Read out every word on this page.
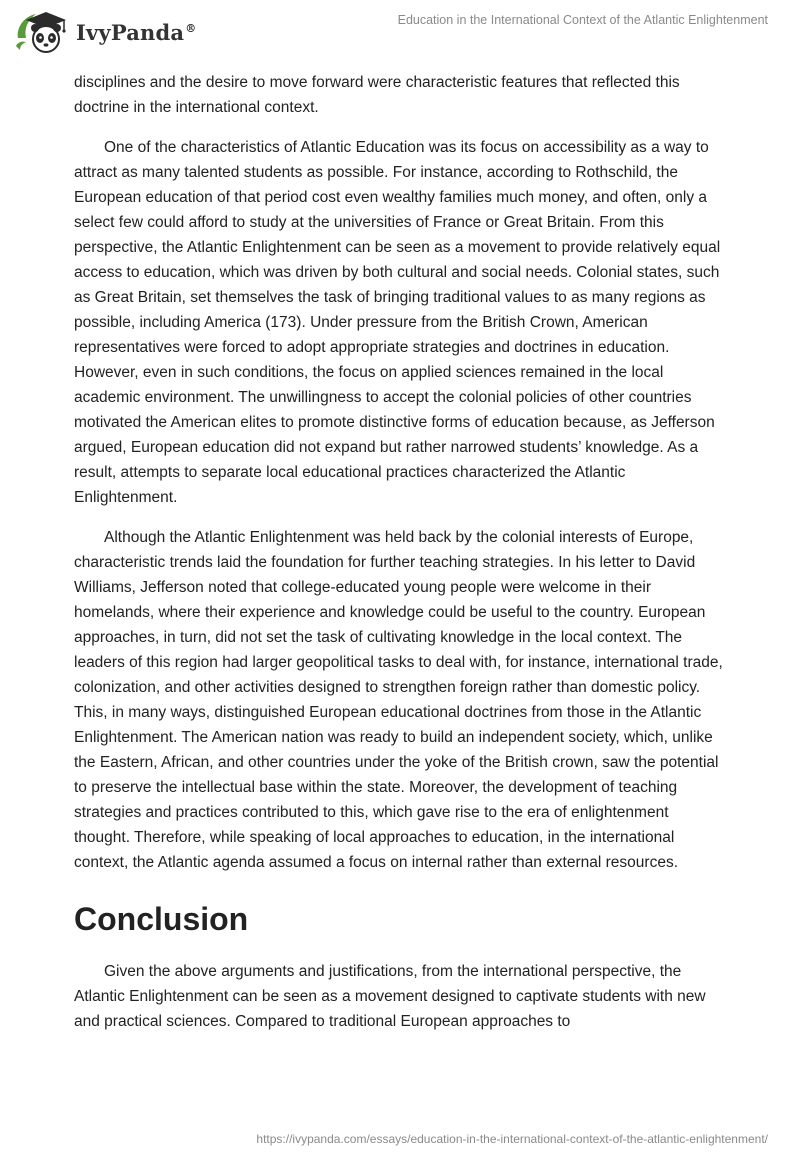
IvyPanda®
Education in the International Context of the Atlantic Enlightenment

disciplines and the desire to move forward were characteristic features that reflected this doctrine in the international context.

One of the characteristics of Atlantic Education was its focus on accessibility as a way to attract as many talented students as possible. For instance, according to Rothschild, the European education of that period cost even wealthy families much money, and often, only a select few could afford to study at the universities of France or Great Britain. From this perspective, the Atlantic Enlightenment can be seen as a movement to provide relatively equal access to education, which was driven by both cultural and social needs. Colonial states, such as Great Britain, set themselves the task of bringing traditional values to as many regions as possible, including America (173). Under pressure from the British Crown, American representatives were forced to adopt appropriate strategies and doctrines in education. However, even in such conditions, the focus on applied sciences remained in the local academic environment. The unwillingness to accept the colonial policies of other countries motivated the American elites to promote distinctive forms of education because, as Jefferson argued, European education did not expand but rather narrowed students’ knowledge. As a result, attempts to separate local educational practices characterized the Atlantic Enlightenment.

Although the Atlantic Enlightenment was held back by the colonial interests of Europe, characteristic trends laid the foundation for further teaching strategies. In his letter to David Williams, Jefferson noted that college-educated young people were welcome in their homelands, where their experience and knowledge could be useful to the country. European approaches, in turn, did not set the task of cultivating knowledge in the local context. The leaders of this region had larger geopolitical tasks to deal with, for instance, international trade, colonization, and other activities designed to strengthen foreign rather than domestic policy. This, in many ways, distinguished European educational doctrines from those in the Atlantic Enlightenment. The American nation was ready to build an independent society, which, unlike the Eastern, African, and other countries under the yoke of the British crown, saw the potential to preserve the intellectual base within the state. Moreover, the development of teaching strategies and practices contributed to this, which gave rise to the era of enlightenment thought. Therefore, while speaking of local approaches to education, in the international context, the Atlantic agenda assumed a focus on internal rather than external resources.

Conclusion

Given the above arguments and justifications, from the international perspective, the Atlantic Enlightenment can be seen as a movement designed to captivate students with new and practical sciences. Compared to traditional European approaches to

https://ivypanda.com/essays/education-in-the-international-context-of-the-atlantic-enlightenment/
